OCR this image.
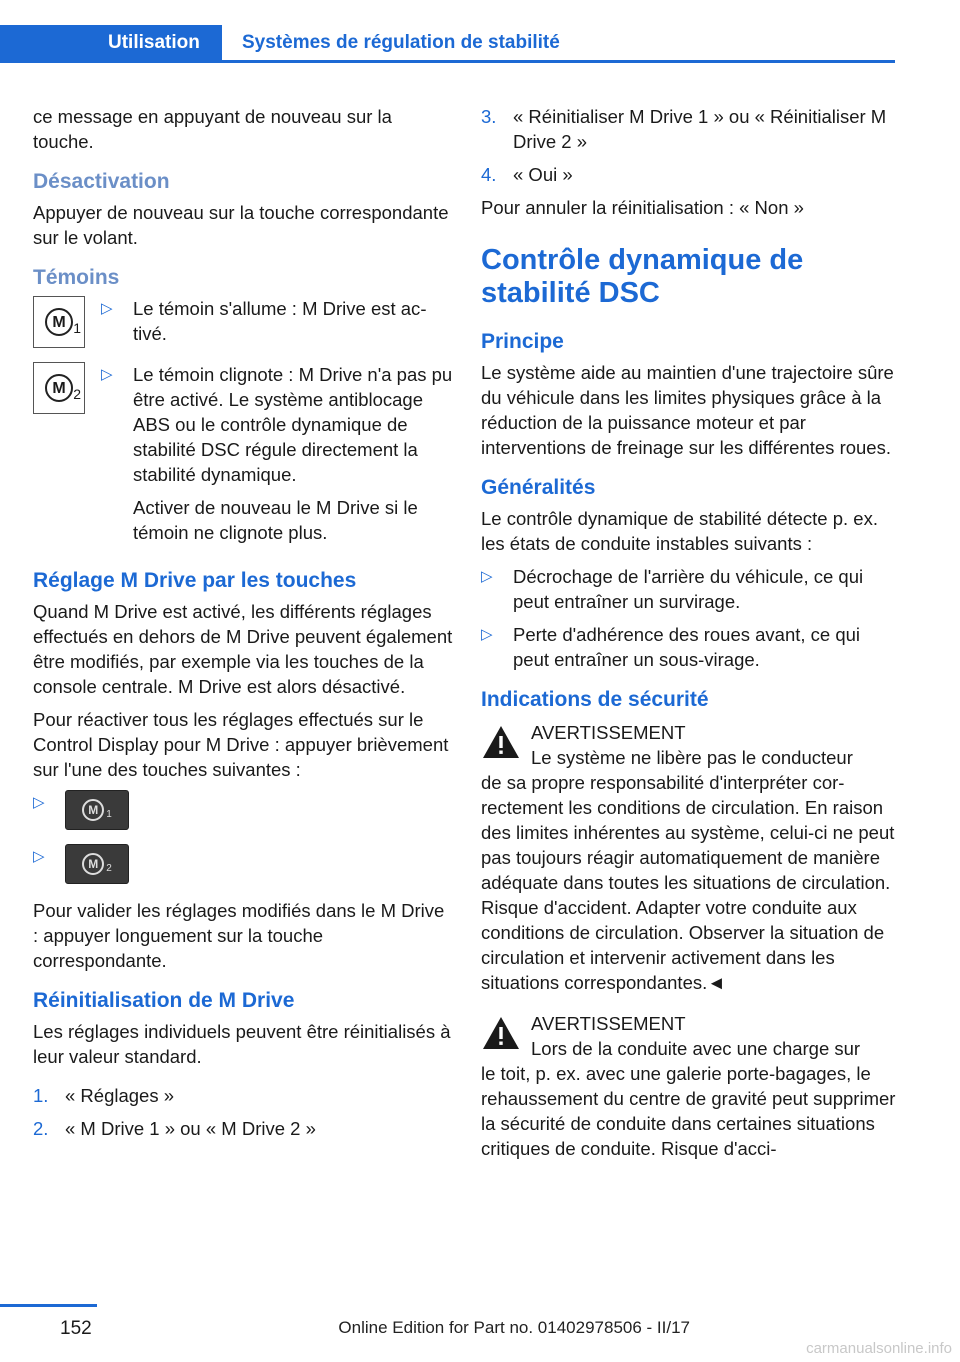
Utilisation	Systèmes de régulation de stabilité

ce message en appuyant de nouveau sur la touche.

Désactivation

Appuyer de nouveau sur la touche correspondante sur le volant.

Témoins
M 1
▷ Le témoin s'allume : M Drive est activé.

M 2
▷ Le témoin clignote : M Drive n'a pas pu être activé. Le système antiblocage ABS ou le contrôle dynamique de stabilité DSC régule directement la stabilité dynamique.

Activer de nouveau le M Drive si le témoin ne clignote plus.

Réglage M Drive par les touches

Quand M Drive est activé, les différents réglages effectués en dehors de M Drive peuvent également être modifiés, par exemple via les touches de la console centrale. M Drive est alors désactivé.

Pour réactiver tous les réglages effectués sur le Control Display pour M Drive : appuyer brièvement sur l'une des touches suivantes :

▷	M 1
▷	M 2

Pour valider les réglages modifiés dans le M Drive : appuyer longuement sur la touche correspondante.

Réinitialisation de M Drive

Les réglages individuels peuvent être réinitialisés à leur valeur standard.

1. « Réglages »
2. « M Drive 1 » ou « M Drive 2 »
3. « Réinitialiser M Drive 1 » ou « Réinitialiser M Drive 2 »
4. « Oui »

Pour annuler la réinitialisation : « Non »

Contrôle dynamique de stabilité DSC
Principe

Le système aide au maintien d'une trajectoire sûre du véhicule dans les limites physiques grâce à la réduction de la puissance moteur et par interventions de freinage sur les différentes roues.

Généralités

Le contrôle dynamique de stabilité détecte p. ex. les états de conduite instables suivants :

▷ Décrochage de l'arrière du véhicule, ce qui peut entraîner un survirage.
▷ Perte d'adhérence des roues avant, ce qui peut entraîner un sous-virage.
Indications de sécurité
AVERTISSEMENT
Le système ne libère pas le conducteur

de sa propre responsabilité d'interpréter correctement les conditions de circulation. En raison des limites inhérentes au système, celui-ci ne peut pas toujours réagir automatiquement de manière adéquate dans toutes les situations de circulation. Risque d'accident. Adapter votre conduite aux conditions de circulation. Observer la situation de circulation et intervenir activement dans les situations correspondantes.◄

AVERTISSEMENT
Lors de la conduite avec une charge sur

le toit, p. ex. avec une galerie porte-bagages, le rehaussement du centre de gravité peut supprimer la sécurité de conduite dans certaines situations critiques de conduite. Risque d'acci-

152	Online Edition for Part no. 01402978506 - II/17
carmanualsonline.info
